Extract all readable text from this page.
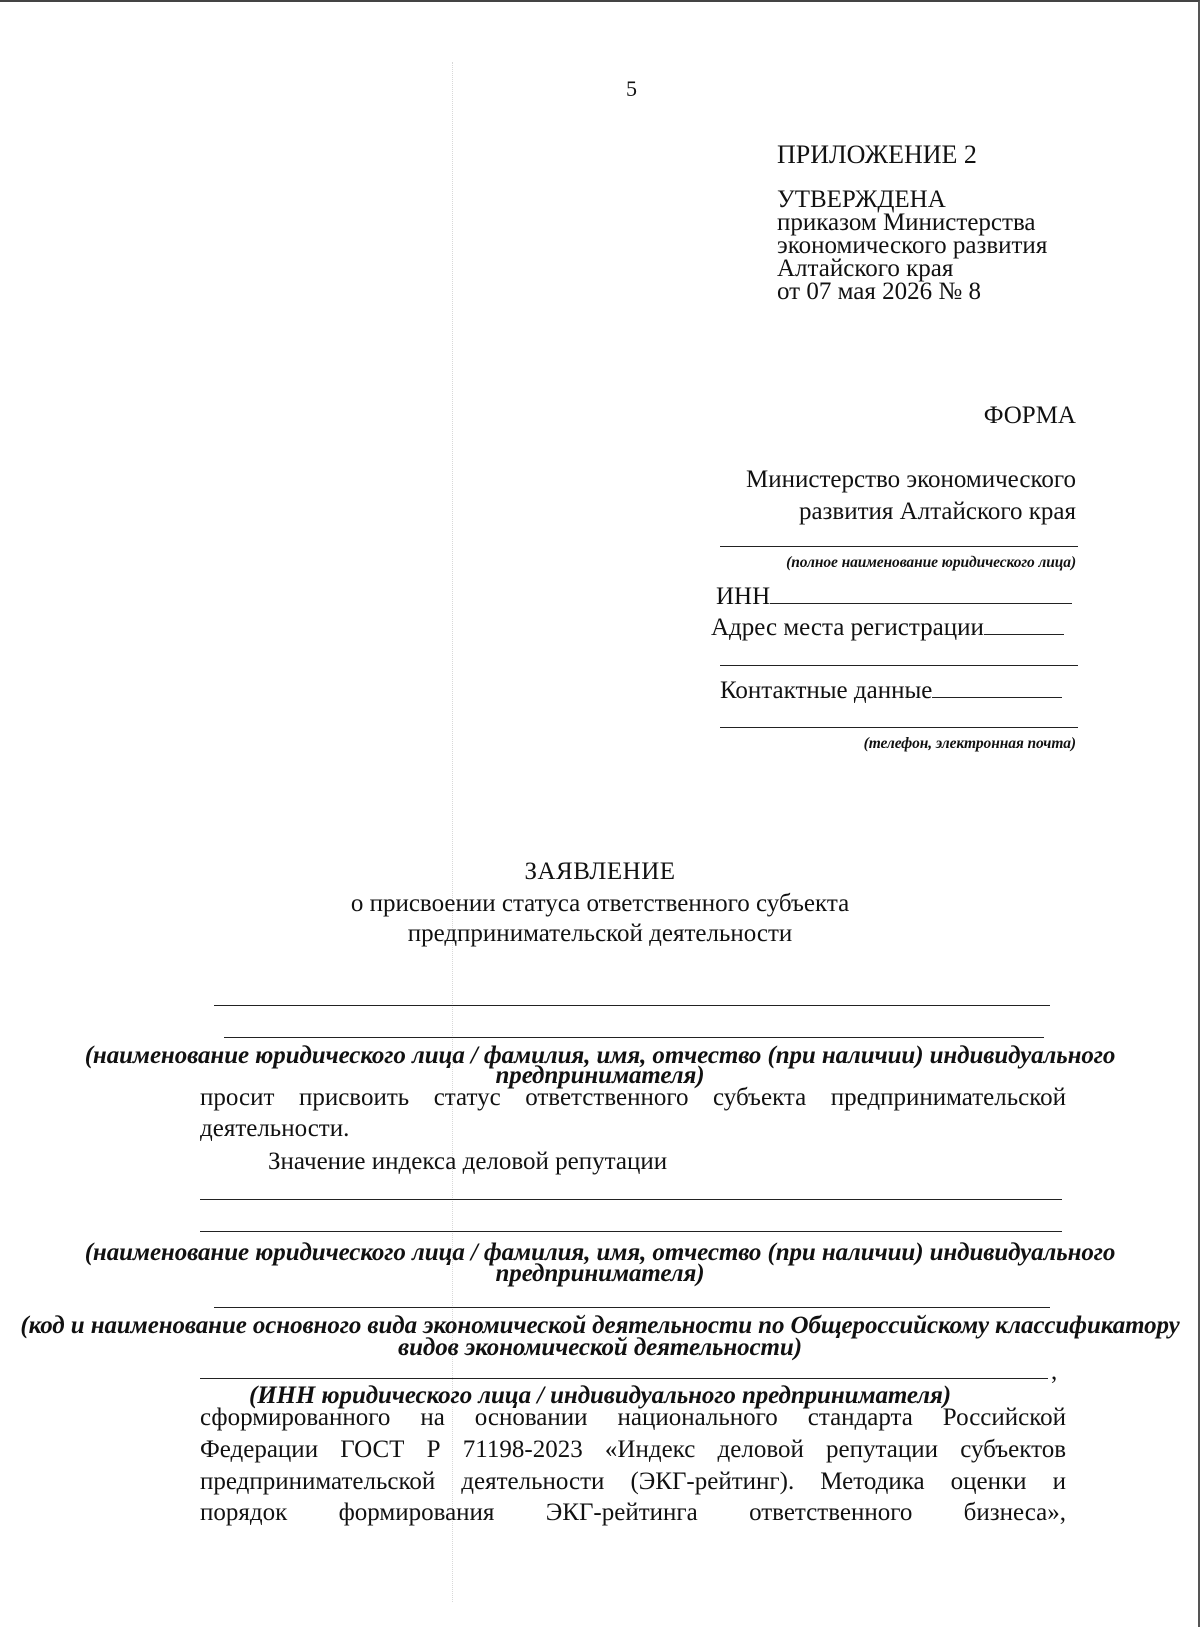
5
ПРИЛОЖЕНИЕ 2
УТВЕРЖДЕНА
приказом Министерства
экономического развития
Алтайского края
от 07 мая 2026 № 8
ФОРМА
Министерство экономического
развития Алтайского края
(полное наименование юридического лица)
ИНН
Адрес места регистрации
Контактные данные
(телефон, электронная почта)
ЗАЯВЛЕНИЕ
о присвоении статуса ответственного субъекта
предпринимательской деятельности
(наименование юридического лица / фамилия, имя, отчество (при наличии) индивидуального
предпринимателя)
просит присвоить статус ответственного субъекта предпринимательской
деятельности.
Значение индекса деловой репутации
(наименование юридического лица / фамилия, имя, отчество (при наличии) индивидуального
предпринимателя)
(код и наименование основного вида экономической деятельности по Общероссийскому классификатору
видов экономической деятельности)
,
(ИНН юридического лица / индивидуального предпринимателя)
сформированного на основании национального стандарта Российской
Федерации ГОСТ Р 71198-2023 «Индекс деловой репутации субъектов
предпринимательской деятельности (ЭКГ-рейтинг). Методика оценки и
порядок формирования ЭКГ-рейтинга ответственного бизнеса»,
